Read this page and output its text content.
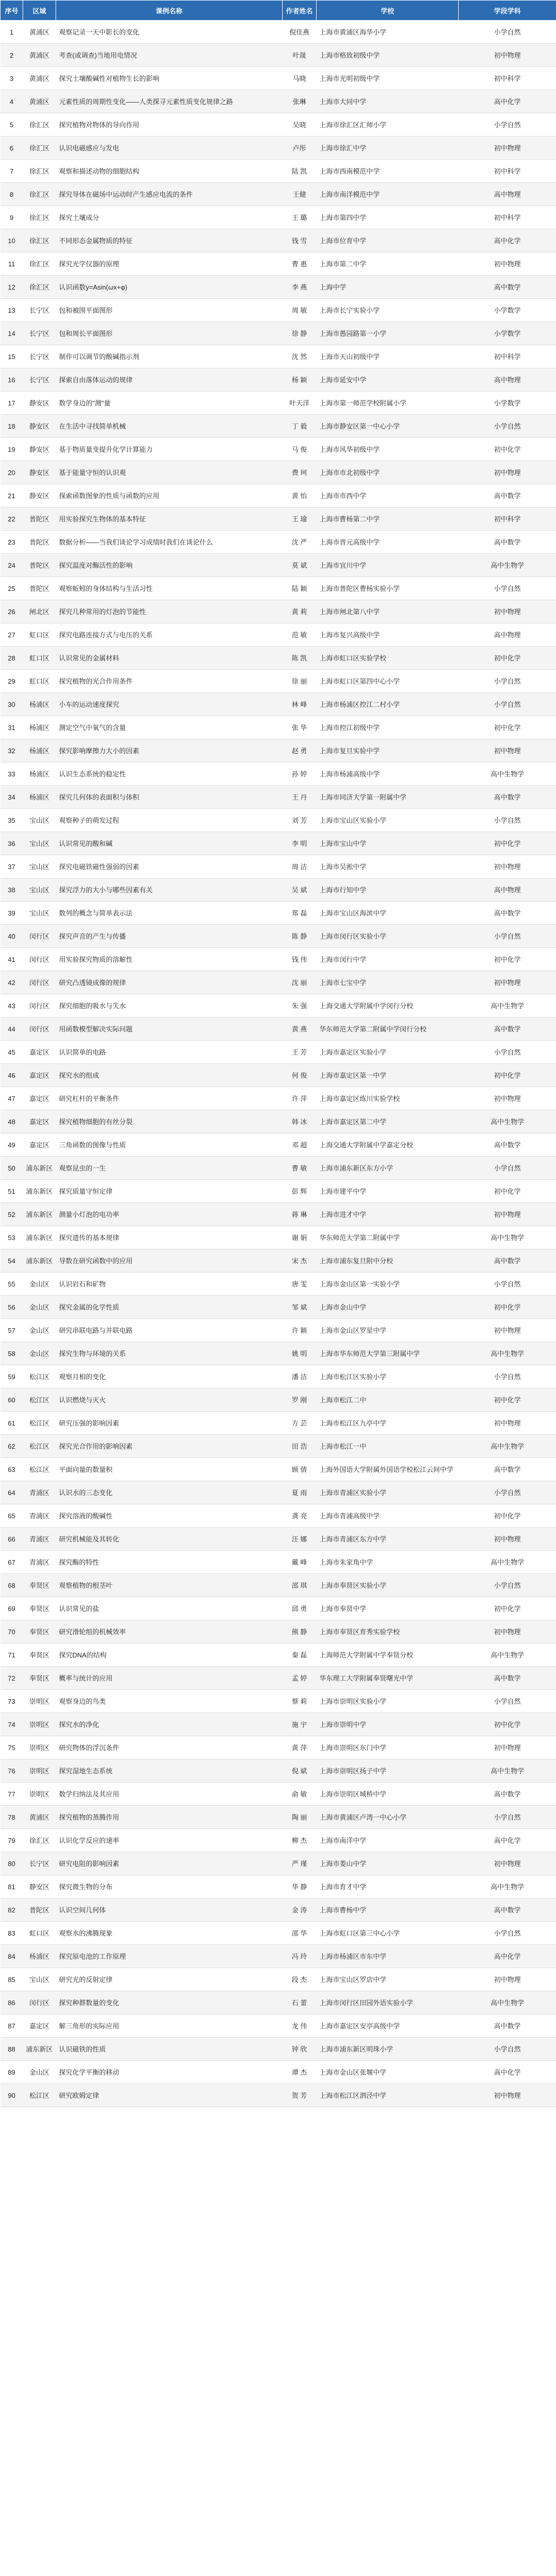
序号	区域	课例名称	作者姓名	学校	学段学科
1	黄浦区	观察记录一天中影长的变化	倪佳燕	上海市黄浦区海华小学	小学自然
2	黄浦区	考查(或调查)当地用电情况	叶晟	上海市格致初级中学	初中物理
3	黄浦区	探究土壤酸碱性对植物生长的影响	马晓	上海市光明初级中学	初中科学
4	黄浦区	元素性质的周期性变化——人类探寻元素性质变化规律之路	张琳	上海市大同中学	高中化学
5	徐汇区	探究植物对物体的导向作用	吴晓	上海市徐汇区汇师小学	小学自然
6	徐汇区	认识电磁感应与发电	卢彤	上海市徐汇中学	初中物理
7	徐汇区	观察和描述动物的细胞结构	陆 凯	上海市西南模范中学	初中科学
8	徐汇区	探究导体在磁场中运动时产生感应电流的条件	王健	上海市南洋模范中学	高中物理
9	徐汇区	探究土壤成分	王 璐	上海市第四中学	初中科学
10	徐汇区	不同形态金属物质的特征	钱 雪	上海市位育中学	高中化学
11	徐汇区	探究光学仪器的原理	曹 惠	上海市第二中学	初中物理
12	徐汇区	认识函数y=Asin(ωx+φ)	李 燕	上海中学	高中数学
13	长宁区	包和被围平面图形	周 敏	上海市长宁实验小学	小学数学
14	长宁区	包和周长平面图形	徐 静	上海市愚园路第一小学	小学数学
15	长宁区	制作可以调节的酸碱指示剂	沈 然	上海市天山初级中学	初中科学
16	长宁区	探索自由落体运动的规律	杨 颖	上海市延安中学	高中物理
17	静安区	数学身边的"测"量	叶天洋	上海市第一师范学校附属小学	小学数学
18	静安区	在生活中寻找简单机械	丁 毅	上海市静安区第一中心小学	小学自然
19	静安区	基于物质量变提升化学计算能力	马 俊	上海市风华初级中学	初中化学
20	静安区	基于能量守恒的认识观	费 珂	上海市市北初级中学	初中物理
21	静安区	探索函数图象的性质与函数的应用	黄 怡	上海市市西中学	高中数学
22	普陀区	用实验探究生物体的基本特征	王 瑜	上海市曹杨第二中学	初中科学
23	普陀区	数据分析——当我们谈论学习成绩时我们在谈论什么	沈 严	上海市晋元高级中学	高中数学
24	普陀区	探究温度对酶活性的影响	莫 斌	上海市宜川中学	高中生物学
25	普陀区	观察蚯蚓的身体结构与生活习性	陆 颖	上海市普陀区曹杨实验小学	小学自然
26	闸北区	探究几种常用的灯泡的节能性	黄 莉	上海市闸北第八中学	初中物理
27	虹口区	探究电路连接方式与电压的关系	范 敏	上海市复兴高级中学	高中物理
28	虹口区	认识常见的金属材料	陈 凯	上海市虹口区实验学校	初中化学
29	虹口区	探究植物的光合作用条件	徐 丽	上海市虹口区第四中心小学	小学自然
30	杨浦区	小车的运动速度探究	林 峰	上海市杨浦区控江二村小学	小学自然
31	杨浦区	测定空气中氧气的含量	张 华	上海市控江初级中学	初中化学
32	杨浦区	探究影响摩擦力大小的因素	赵 勇	上海市复旦实验中学	初中物理
33	杨浦区	认识生态系统的稳定性	孙 婷	上海市杨浦高级中学	高中生物学
34	杨浦区	探究几何体的表面积与体积	王 丹	上海市同济大学第一附属中学	高中数学
35	宝山区	观察种子的萌发过程	刘 芳	上海市宝山区实验小学	小学自然
36	宝山区	认识常见的酸和碱	李 明	上海市宝山中学	初中化学
37	宝山区	探究电磁铁磁性强弱的因素	周 洁	上海市吴淞中学	初中物理
38	宝山区	探究浮力的大小与哪些因素有关	吴 斌	上海市行知中学	高中物理
39	宝山区	数列的概念与简单表示法	郑 磊	上海市宝山区海滨中学	高中数学
40	闵行区	探究声音的产生与传播	陈 静	上海市闵行区实验小学	小学自然
41	闵行区	用实验探究物质的溶解性	钱 伟	上海市闵行中学	初中化学
42	闵行区	研究凸透镜成像的规律	沈 丽	上海市七宝中学	初中物理
43	闵行区	探究细胞的吸水与失水	朱 强	上海交通大学附属中学闵行分校	高中生物学
44	闵行区	用函数模型解决实际问题	黄 燕	华东师范大学第二附属中学闵行分校	高中数学
45	嘉定区	认识简单的电路	王 芳	上海市嘉定区实验小学	小学自然
46	嘉定区	探究水的组成	何 俊	上海市嘉定区第一中学	初中化学
47	嘉定区	研究杠杆的平衡条件	许 萍	上海市嘉定区练川实验学校	初中物理
48	嘉定区	探究植物细胞的有丝分裂	韩 冰	上海市嘉定区第二中学	高中生物学
49	嘉定区	三角函数的图像与性质	邓 超	上海交通大学附属中学嘉定分校	高中数学
50	浦东新区	观察昆虫的一生	曹 敏	上海市浦东新区东方小学	小学自然
51	浦东新区	探究质量守恒定律	彭 辉	上海市建平中学	初中化学
52	浦东新区	测量小灯泡的电功率	蒋 琳	上海市进才中学	初中物理
53	浦东新区	探究遗传的基本规律	谢 娟	华东师范大学第二附属中学	高中生物学
54	浦东新区	导数在研究函数中的应用	宋 杰	上海市浦东复旦附中分校	高中数学
55	金山区	认识岩石和矿物	唐 雯	上海市金山区第一实验小学	小学自然
56	金山区	探究金属的化学性质	邹 斌	上海市金山中学	初中化学
57	金山区	研究串联电路与并联电路	许 颖	上海市金山区罗星中学	初中物理
58	金山区	探究生物与环境的关系	姚 明	上海市华东师范大学第三附属中学	高中生物学
59	松江区	观察月相的变化	潘 洁	上海市松江区实验小学	小学自然
60	松江区	认识燃烧与灭火	罗 刚	上海市松江二中	初中化学
61	松江区	研究压强的影响因素	方 芸	上海市松江区九亭中学	初中物理
62	松江区	探究光合作用的影响因素	田 浩	上海市松江一中	高中生物学
63	松江区	平面向量的数量积	顾 倩	上海外国语大学附属外国语学校松江云间中学	高中数学
64	青浦区	认识水的三态变化	夏 雨	上海市青浦区实验小学	小学自然
65	青浦区	探究溶液的酸碱性	龚 亮	上海市青浦高级中学	初中化学
66	青浦区	研究机械能及其转化	汪 娜	上海市青浦区东方中学	初中物理
67	青浦区	探究酶的特性	戴 峰	上海市朱家角中学	高中生物学
68	奉贤区	观察植物的根茎叶	邵 琪	上海市奉贤区实验小学	小学自然
69	奉贤区	认识常见的盐	邱 勇	上海市奉贤中学	初中化学
70	奉贤区	研究滑轮组的机械效率	熊 静	上海市奉贤区育秀实验学校	初中物理
71	奉贤区	探究DNA的结构	秦 磊	上海师范大学附属中学奉贤分校	高中生物学
72	奉贤区	概率与统计的应用	孟 婷	华东理工大学附属奉贤曙光中学	高中数学
73	崇明区	观察身边的鸟类	蔡 莉	上海市崇明区实验小学	小学自然
74	崇明区	探究水的净化	施 宇	上海市崇明中学	初中化学
75	崇明区	研究物体的浮沉条件	黄 萍	上海市崇明区东门中学	初中物理
76	崇明区	探究湿地生态系统	倪 斌	上海市崇明区扬子中学	高中生物学
77	崇明区	数学归纳法及其应用	俞 敏	上海市崇明区城桥中学	高中数学
78	黄浦区	探究植物的蒸腾作用	陶 丽	上海市黄浦区卢湾一中心小学	小学自然
79	徐汇区	认识化学反应的速率	柳 杰	上海市南洋中学	高中化学
80	长宁区	研究电阻的影响因素	严 瑾	上海市娄山中学	初中物理
81	静安区	探究微生物的分布	华 静	上海市育才中学	高中生物学
82	普陀区	认识空间几何体	金 涛	上海市曹杨中学	高中数学
83	虹口区	观察水的沸腾现象	邵 华	上海市虹口区第三中心小学	小学自然
84	杨浦区	探究原电池的工作原理	冯 玲	上海市杨浦区市东中学	高中化学
85	宝山区	研究光的反射定律	段 杰	上海市宝山区罗店中学	初中物理
86	闵行区	探究种群数量的变化	石 蕾	上海市闵行区田园外语实验小学	高中生物学
87	嘉定区	解三角形的实际应用	龙 伟	上海市嘉定区安亭高级中学	高中数学
88	浦东新区	认识磁铁的性质	钟 欣	上海市浦东新区明珠小学	小学自然
89	金山区	探究化学平衡的移动	谭 杰	上海市金山区张堰中学	高中化学
90	松江区	研究欧姆定律	贺 芳	上海市松江区泗泾中学	初中物理
